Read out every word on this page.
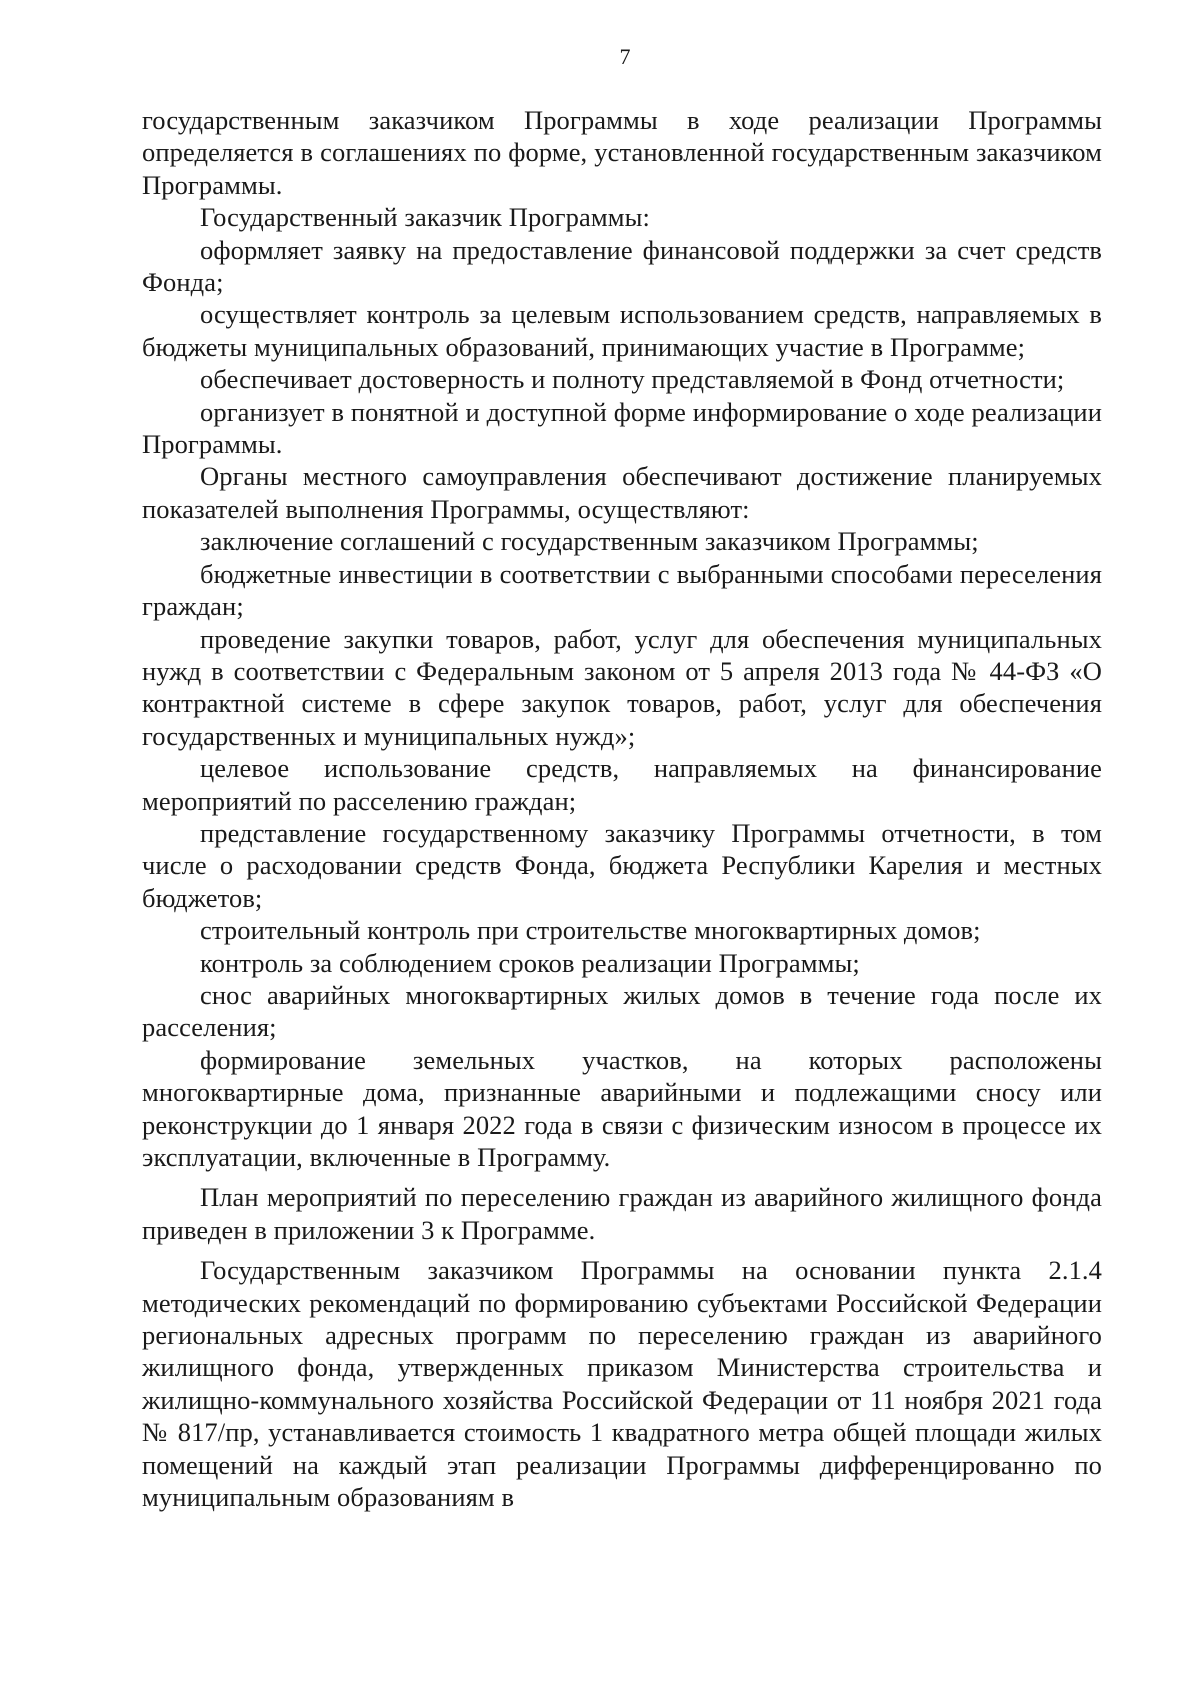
7

государственным заказчиком Программы в ходе реализации Программы определяется в соглашениях по форме, установленной государственным заказчиком Программы.

Государственный заказчик Программы:

оформляет заявку на предоставление финансовой поддержки за счет средств Фонда;

осуществляет контроль за целевым использованием средств, направляемых в бюджеты муниципальных образований, принимающих участие в Программе;

обеспечивает достоверность и полноту представляемой в Фонд отчетности;

организует в понятной и доступной форме информирование о ходе реализации Программы.

Органы местного самоуправления обеспечивают достижение планируемых показателей выполнения Программы, осуществляют:

заключение соглашений с государственным заказчиком Программы;

бюджетные инвестиции в соответствии с выбранными способами переселения граждан;

проведение закупки товаров, работ, услуг для обеспечения муниципальных нужд в соответствии с Федеральным законом от 5 апреля 2013 года № 44-ФЗ «О контрактной системе в сфере закупок товаров, работ, услуг для обеспечения государственных и муниципальных нужд»;

целевое использование средств, направляемых на финансирование мероприятий по расселению граждан;

представление государственному заказчику Программы отчетности, в том числе о расходовании средств Фонда, бюджета Республики Карелия и местных бюджетов;

строительный контроль при строительстве многоквартирных домов;

контроль за соблюдением сроков реализации Программы;

снос аварийных многоквартирных жилых домов в течение года после их расселения;

формирование земельных участков, на которых расположены многоквартирные дома, признанные аварийными и подлежащими сносу или реконструкции до 1 января 2022 года в связи с физическим износом в процессе их эксплуатации, включенные в Программу.

План мероприятий по переселению граждан из аварийного жилищного фонда приведен в приложении 3 к Программе.

Государственным заказчиком Программы на основании пункта 2.1.4 методических рекомендаций по формированию субъектами Российской Федерации региональных адресных программ по переселению граждан из аварийного жилищного фонда, утвержденных приказом Министерства строительства и жилищно-коммунального хозяйства Российской Федерации от 11 ноября 2021 года № 817/пр, устанавливается стоимость 1 квадратного метра общей площади жилых помещений на каждый этап реализации Программы дифференцированно по муниципальным образованиям в
